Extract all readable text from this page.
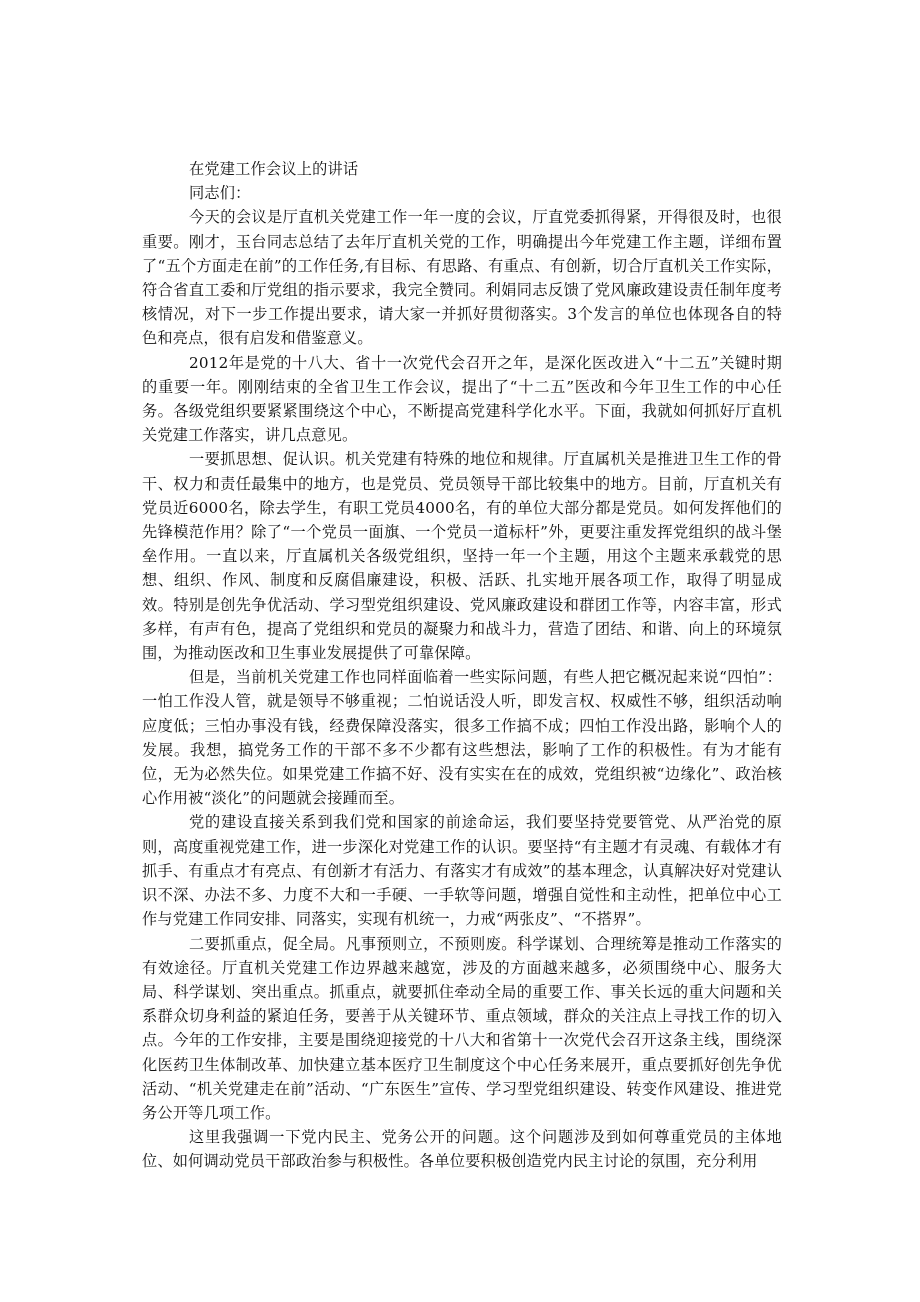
在党建工作会议上的讲话

同志们：

今天的会议是厅直机关党建工作一年一度的会议，厅直党委抓得紧，开得很及时，也很重要。刚才，玉台同志总结了去年厅直机关党的工作，明确提出今年党建工作主题，详细布置了“五个方面走在前”的工作任务,有目标、有思路、有重点、有创新，切合厅直机关工作实际，符合省直工委和厅党组的指示要求，我完全赞同。利娟同志反馈了党风廉政建设责任制年度考核情况，对下一步工作提出要求，请大家一并抓好贯彻落实。3个发言的单位也体现各自的特色和亮点，很有启发和借鉴意义。

2012年是党的十八大、省十一次党代会召开之年，是深化医改进入“十二五”关键时期的重要一年。刚刚结束的全省卫生工作会议，提出了“十二五”医改和今年卫生工作的中心任务。各级党组织要紧紧围绕这个中心，不断提高党建科学化水平。下面，我就如何抓好厅直机关党建工作落实，讲几点意见。

一要抓思想、促认识。机关党建有特殊的地位和规律。厅直属机关是推进卫生工作的骨干、权力和责任最集中的地方，也是党员、党员领导干部比较集中的地方。目前，厅直机关有党员近6000名，除去学生，有职工党员4000名，有的单位大部分都是党员。如何发挥他们的先锋模范作用？除了“一个党员一面旗、一个党员一道标杆”外，更要注重发挥党组织的战斗堡垒作用。一直以来，厅直属机关各级党组织，坚持一年一个主题，用这个主题来承载党的思想、组织、作风、制度和反腐倡廉建设，积极、活跃、扎实地开展各项工作，取得了明显成效。特别是创先争优活动、学习型党组织建设、党风廉政建设和群团工作等，内容丰富，形式多样，有声有色，提高了党组织和党员的凝聚力和战斗力，营造了团结、和谐、向上的环境氛围，为推动医改和卫生事业发展提供了可靠保障。

但是，当前机关党建工作也同样面临着一些实际问题，有些人把它概况起来说“四怕”：一怕工作没人管，就是领导不够重视；二怕说话没人听，即发言权、权威性不够，组织活动响应度低；三怕办事没有钱，经费保障没落实，很多工作搞不成；四怕工作没出路，影响个人的发展。我想，搞党务工作的干部不多不少都有这些想法，影响了工作的积极性。有为才能有位，无为必然失位。如果党建工作搞不好、没有实实在在的成效，党组织被“边缘化”、政治核心作用被“淡化”的问题就会接踵而至。

党的建设直接关系到我们党和国家的前途命运，我们要坚持党要管党、从严治党的原则，高度重视党建工作，进一步深化对党建工作的认识。要坚持“有主题才有灵魂、有载体才有抓手、有重点才有亮点、有创新才有活力、有落实才有成效”的基本理念，认真解决好对党建认识不深、办法不多、力度不大和一手硬、一手软等问题，增强自觉性和主动性，把单位中心工作与党建工作同安排、同落实，实现有机统一，力戒“两张皮”、“不搭界”。

二要抓重点，促全局。凡事预则立，不预则废。科学谋划、合理统筹是推动工作落实的有效途径。厅直机关党建工作边界越来越宽，涉及的方面越来越多，必须围绕中心、服务大局、科学谋划、突出重点。抓重点，就要抓住牵动全局的重要工作、事关长远的重大问题和关系群众切身利益的紧迫任务，要善于从关键环节、重点领域，群众的关注点上寻找工作的切入点。今年的工作安排，主要是围绕迎接党的十八大和省第十一次党代会召开这条主线，围绕深化医药卫生体制改革、加快建立基本医疗卫生制度这个中心任务来展开，重点要抓好创先争优活动、“机关党建走在前”活动、“广东医生”宣传、学习型党组织建设、转变作风建设、推进党务公开等几项工作。

这里我强调一下党内民主、党务公开的问题。这个问题涉及到如何尊重党员的主体地位、如何调动党员干部政治参与积极性。各单位要积极创造党内民主讨论的氛围，充分利用
